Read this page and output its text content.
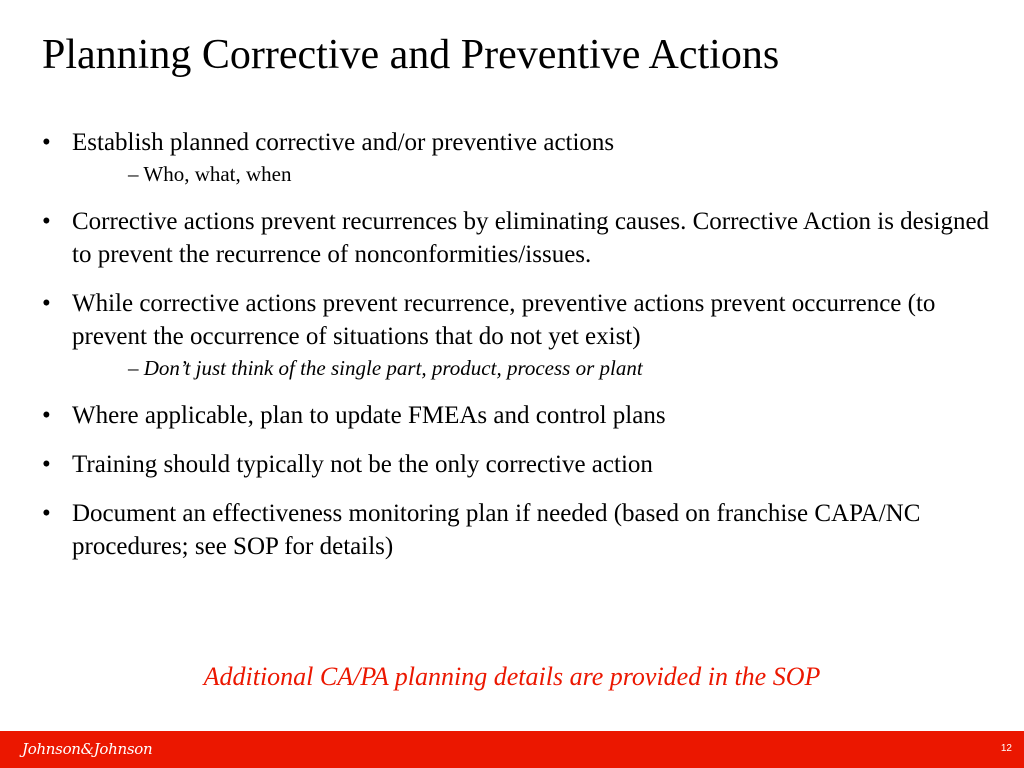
Planning Corrective and Preventive Actions
• Establish planned corrective and/or preventive actions
– Who, what, when
• Corrective actions prevent recurrences by eliminating causes. Corrective Action is designed to prevent the recurrence of nonconformities/issues.
• While corrective actions prevent recurrence, preventive actions prevent occurrence (to prevent the occurrence of situations that do not yet exist)
– Don’t just think of the single part, product, process or plant
• Where applicable, plan to update FMEAs and control plans
• Training should typically not be the only corrective action
• Document an effectiveness monitoring plan if needed (based on franchise CAPA/NC procedures; see SOP for details)
Additional CA/PA planning details are provided in the SOP
Johnson&Johnson	12
